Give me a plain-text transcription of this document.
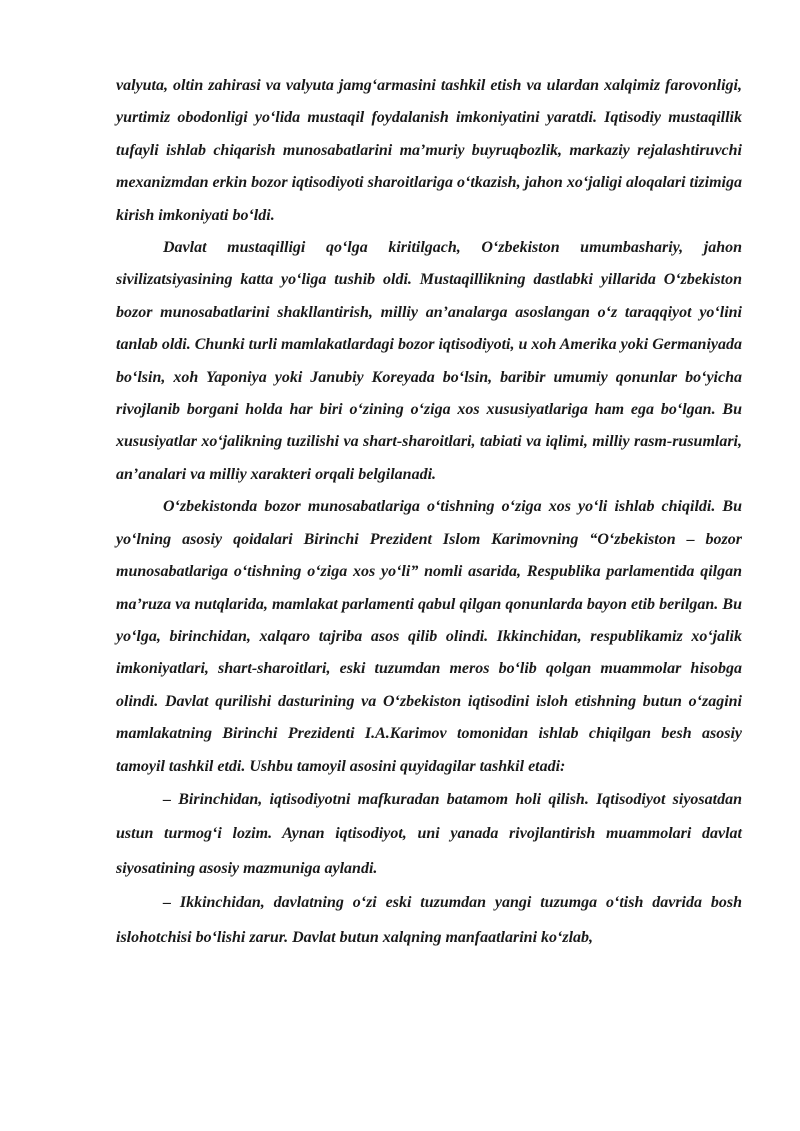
valyuta, oltin zahirasi va valyuta jamg‘armasini tashkil etish va ulardan xalqimiz farovonligi, yurtimiz obodonligi yo‘lida mustaqil foydalanish imkoniyatini yaratdi. Iqtisodiy mustaqillik tufayli ishlab chiqarish munosabatlarini ma’muriy buyruqbozlik, markaziy rejalashtiruvchi mexanizmdan erkin bozor iqtisodiyoti sharoitlariga o‘tkazish, jahon xo‘jaligi aloqalari tizimiga kirish imkoniyati bo‘ldi.

Davlat mustaqilligi qo‘lga kiritilgach, O‘zbekiston umumbashariy, jahon sivilizatsiyasining katta yo‘liga tushib oldi. Mustaqillikning dastlabki yillarida O‘zbekiston bozor munosabatlarini shakllantirish, milliy an’analarga asoslangan o‘z taraqqiyot yo‘lini tanlab oldi. Chunki turli mamlakatlardagi bozor iqtisodiyoti, u xoh Amerika yoki Germaniyada bo‘lsin, xoh Yaponiya yoki Janubiy Koreyada bo‘lsin, baribir umumiy qonunlar bo‘yicha rivojlanib borgani holda har biri o‘zining o‘ziga xos xususiyatlariga ham ega bo‘lgan. Bu xususiyatlar xo‘jalikning tuzilishi va shart-sharoitlari, tabiati va iqlimi, milliy rasm-rusumlari, an’analari va milliy xarakteri orqali belgilanadi.

O‘zbekistonda bozor munosabatlariga o‘tishning o‘ziga xos yo‘li ishlab chiqildi. Bu yo‘lning asosiy qoidalari Birinchi Prezident Islom Karimovning “O‘zbekiston – bozor munosabatlariga o‘tishning o‘ziga xos yo‘li” nomli asarida, Respublika parlamentida qilgan ma’ruza va nutqlarida, mamlakat parlamenti qabul qilgan qonunlarda bayon etib berilgan. Bu yo‘lga, birinchidan, xalqaro tajriba asos qilib olindi. Ikkinchidan, respublikamiz xo‘jalik imkoniyatlari, shart-sharoitlari, eski tuzumdan meros bo‘lib qolgan muammolar hisobga olindi. Davlat qurilishi dasturining va O‘zbekiston iqtisodini isloh etishning butun o‘zagini mamlakatning Birinchi Prezidenti I.A.Karimov tomonidan ishlab chiqilgan besh asosiy tamoyil tashkil etdi. Ushbu tamoyil asosini quyidagilar tashkil etadi:

– Birinchidan, iqtisodiyotni mafkuradan batamom holi qilish. Iqtisodiyot siyosatdan ustun turmog‘i lozim. Aynan iqtisodiyot, uni yanada rivojlantirish muammolari davlat siyosatining asosiy mazmuniga aylandi.

– Ikkinchidan, davlatning o‘zi eski tuzumdan yangi tuzumga o‘tish davrida bosh islohotchisi bo‘lishi zarur. Davlat butun xalqning manfaatlarini ko‘zlab,
